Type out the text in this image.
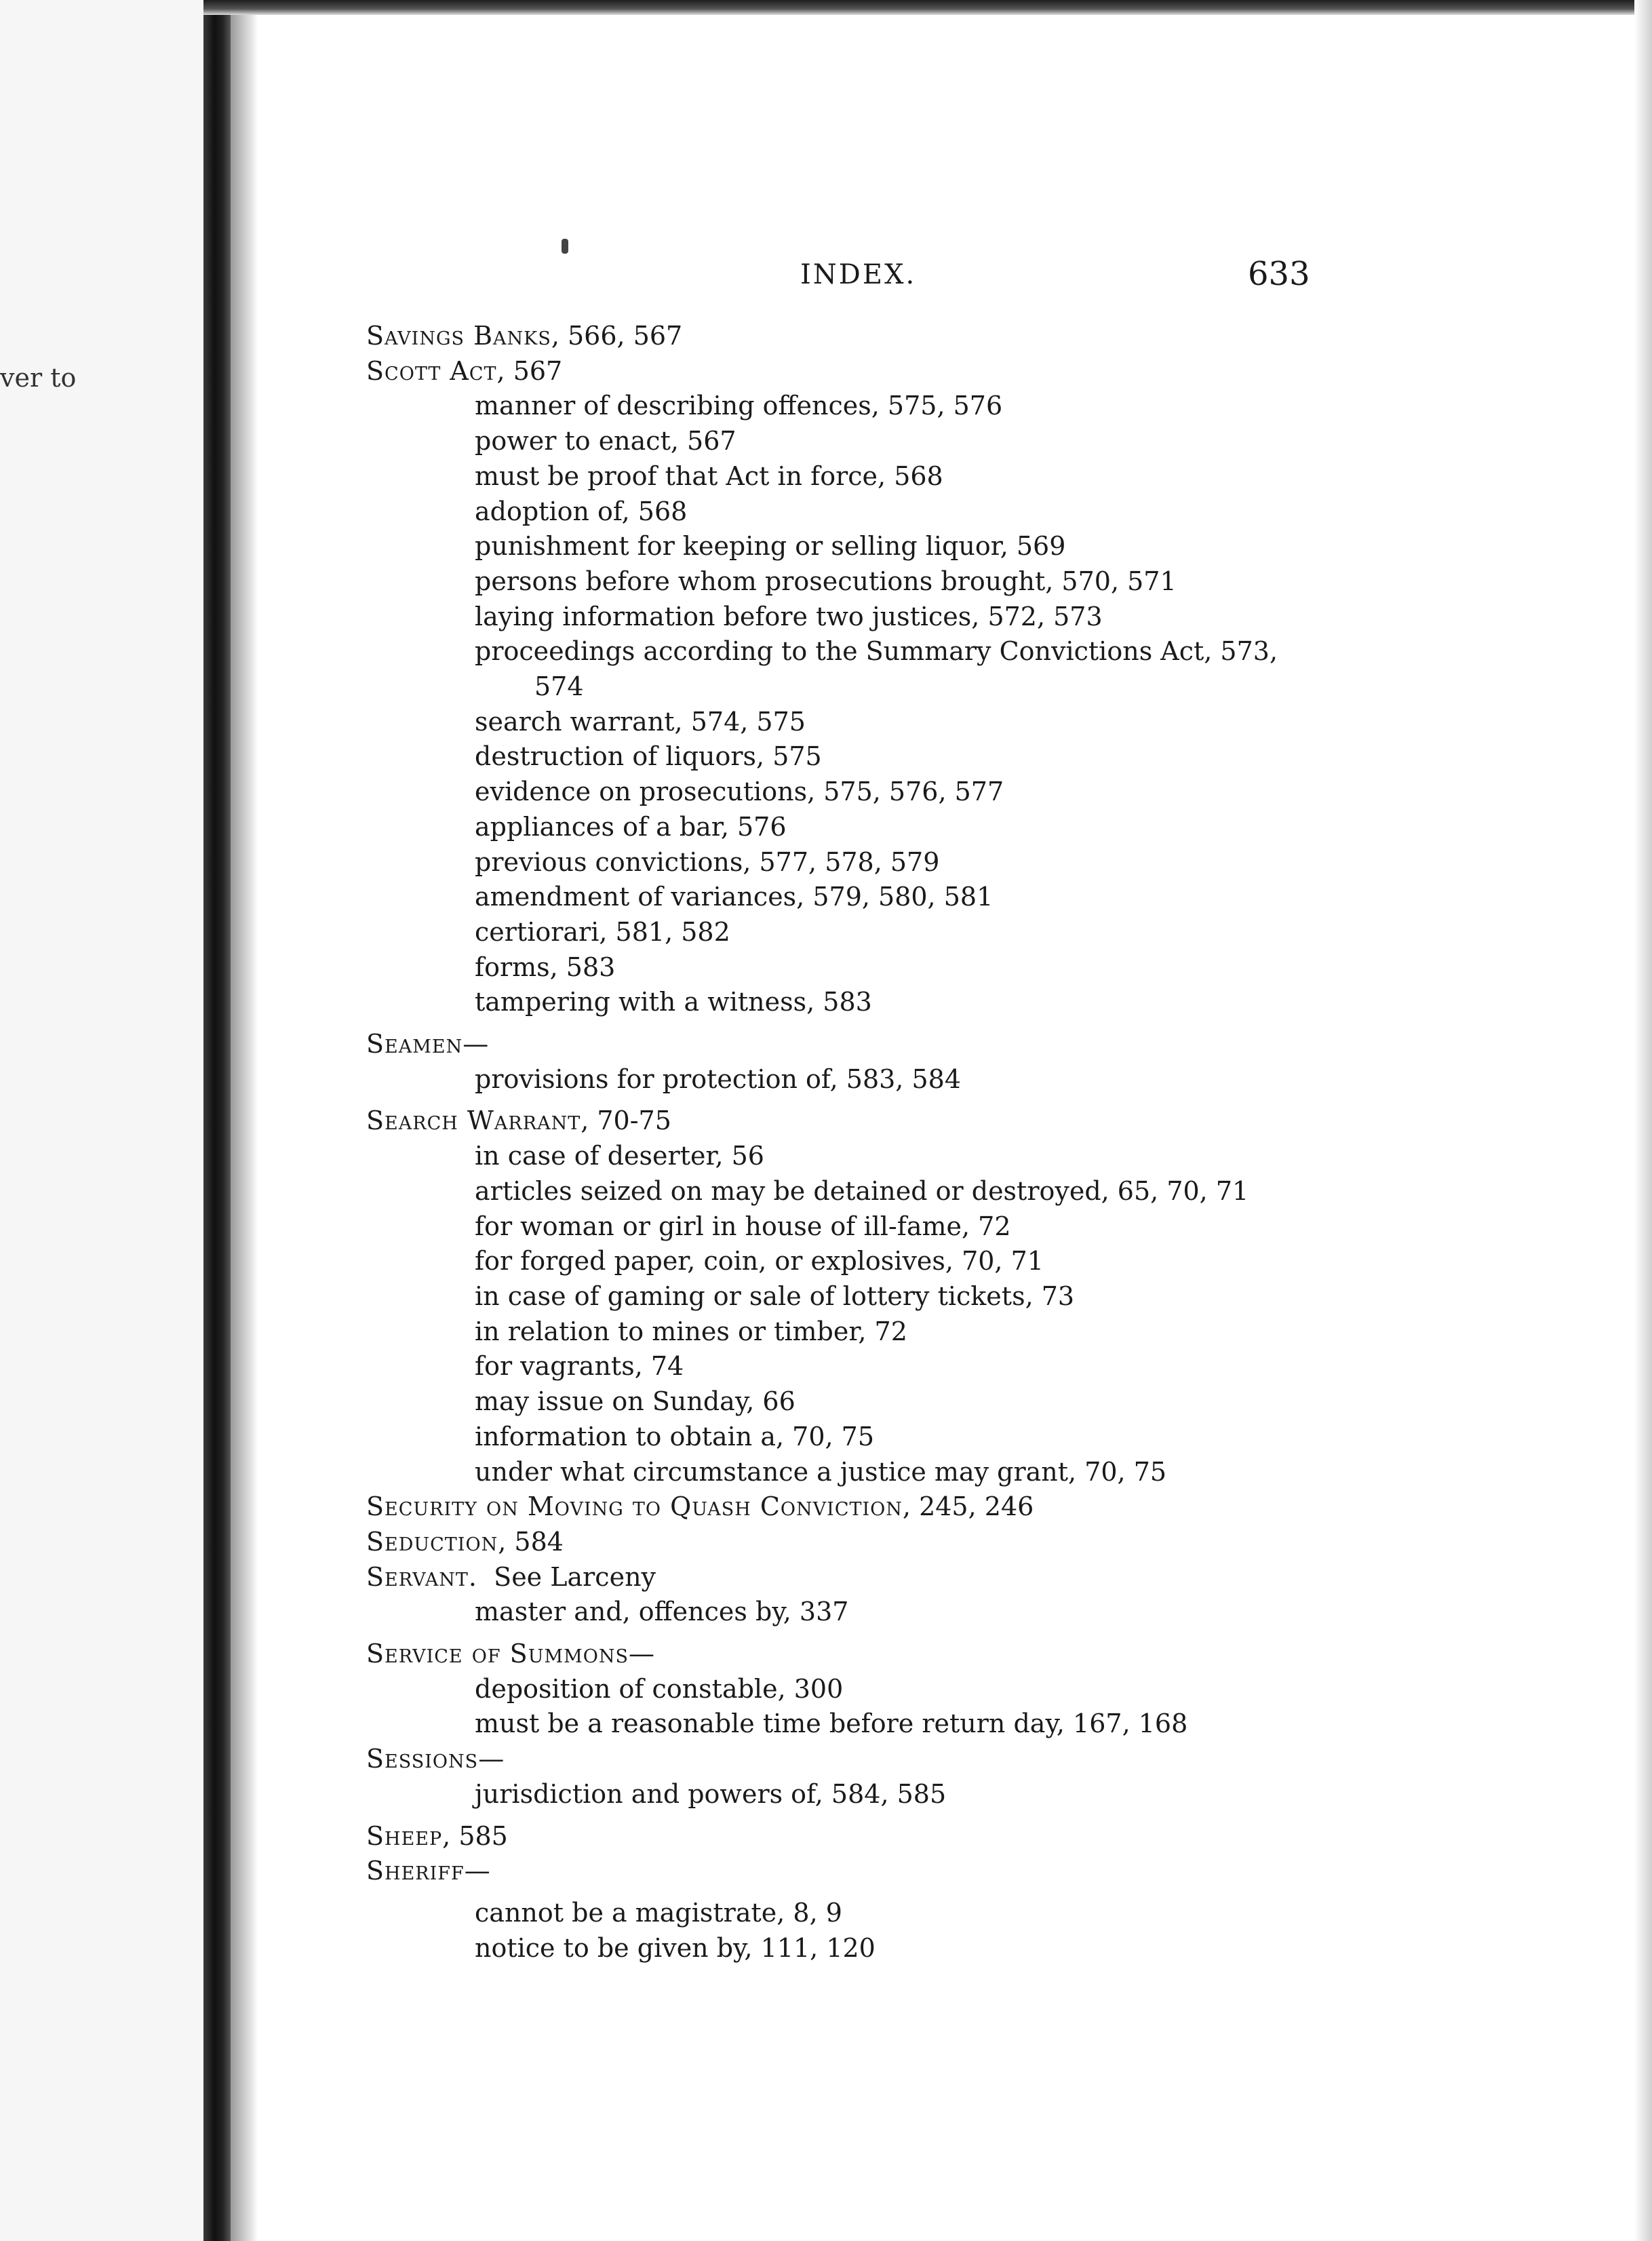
ver to
INDEX.	633
Savings Banks, 566, 567
Scott Act, 567
manner of describing offences, 575, 576
power to enact, 567
must be proof that Act in force, 568
adoption of, 568
punishment for keeping or selling liquor, 569
persons before whom prosecutions brought, 570, 571
laying information before two justices, 572, 573
proceedings according to the Summary Convictions Act, 573,
574
search warrant, 574, 575
destruction of liquors, 575
evidence on prosecutions, 575, 576, 577
appliances of a bar, 576
previous convictions, 577, 578, 579
amendment of variances, 579, 580, 581
certiorari, 581, 582
forms, 583
tampering with a witness, 583
Seamen—
provisions for protection of, 583, 584
Search Warrant, 70-75
in case of deserter, 56
articles seized on may be detained or destroyed, 65, 70, 71
for woman or girl in house of ill-fame, 72
for forged paper, coin, or explosives, 70, 71
in case of gaming or sale of lottery tickets, 73
in relation to mines or timber, 72
for vagrants, 74
may issue on Sunday, 66
information to obtain a, 70, 75
under what circumstance a justice may grant, 70, 75
Security on Moving to Quash Conviction, 245, 246
Seduction, 584
Servant.  See Larceny
master and, offences by, 337
Service of Summons—
deposition of constable, 300
must be a reasonable time before return day, 167, 168
Sessions—
jurisdiction and powers of, 584, 585
Sheep, 585
Sheriff—
cannot be a magistrate, 8, 9
notice to be given by, 111, 120
